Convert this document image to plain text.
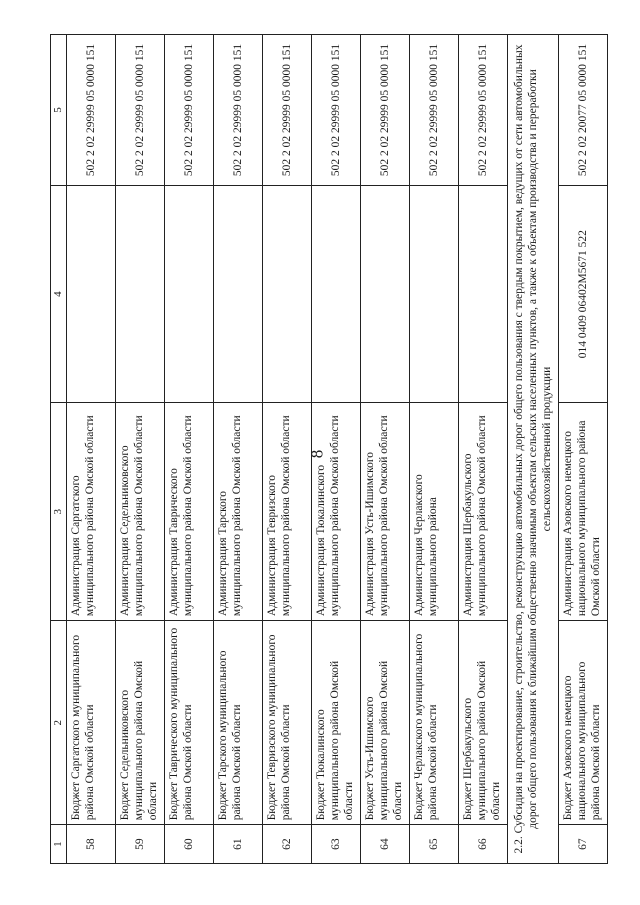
8
1	2	3	4	5
58	Бюджет Саргатского муниципального района Омской области	Администрация Саргатского муниципального района Омской области		502 2 02 29999 05 0000 151
59	Бюджет Седельниковского муниципального района Омской области	Администрация Седельниковского муниципального района Омской области		502 2 02 29999 05 0000 151
60	Бюджет Таврического муниципального района Омской области	Администрация Таврического муниципального района Омской области		502 2 02 29999 05 0000 151
61	Бюджет Тарского муниципального района Омской области	Администрация Тарского муниципального района Омской области		502 2 02 29999 05 0000 151
62	Бюджет Тевризского муниципального района Омской области	Администрация Тевризского муниципального района Омской области		502 2 02 29999 05 0000 151
63	Бюджет Тюкалинского муниципального района Омской области	Администрация Тюкалинского муниципального района Омской области		502 2 02 29999 05 0000 151
64	Бюджет Усть-Ишимского муниципального района Омской области	Администрация Усть-Ишимского муниципального района Омской области		502 2 02 29999 05 0000 151
65	Бюджет Черлакского муниципального района Омской области	Администрация Черлакского муниципального района		502 2 02 29999 05 0000 151
66	Бюджет Шербакульского муниципального района Омской области	Администрация Шербакульского муниципального района Омской области		502 2 02 29999 05 0000 151
2.2. Субсидия на проектирование, строительство, реконструкцию автомобильных дорог общего пользования с твердым покрытием, ведущих от сети автомобильных дорог общего пользования к ближайшим общественно значимым объектам сельских населенных пунктов, а также к объектам производства и переработки сельскохозяйственной продукции				
67	Бюджет Азовского немецкого национального муниципального района Омской области	Администрация Азовского немецкого национального муниципального района Омской области	014 0409 06402М5671 522	502 2 02 20077 05 0000 151
